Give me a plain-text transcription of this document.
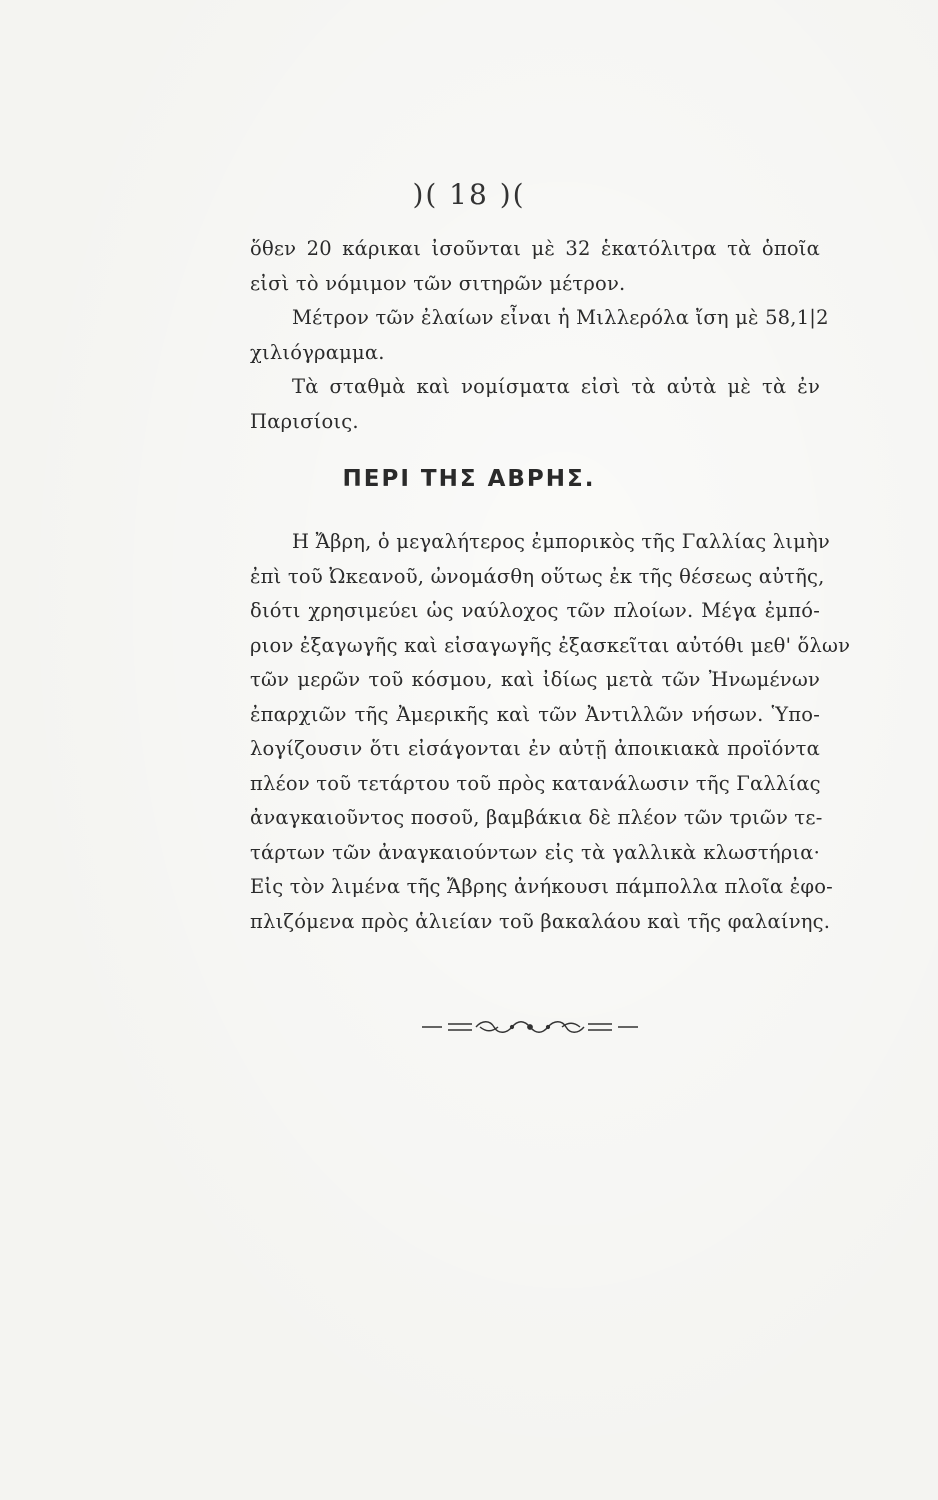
)( 18 )(
ὅθεν 20 κάρικαι ἰσοῦνται μὲ 32 ἑκατόλιτρα τὰ ὁποῖα
εἰσὶ τὸ νόμιμον τῶν σιτηρῶν μέτρον.
Μέτρον τῶν ἐλαίων εἶναι ἡ Μιλλερόλα ἴση μὲ 58,1|2
χιλιόγραμμα.
Τὰ σταθμὰ καὶ νομίσματα εἰσὶ τὰ αὐτὰ μὲ τὰ ἐν
Παρισίοις.
ΠΕΡΙ ΤΗΣ ΑΒΡΗΣ.
Η Ἄβρη, ὁ μεγαλήτερος ἐμπορικὸς τῆς Γαλλίας λιμὴν
ἐπὶ τοῦ Ὠκεανοῦ, ὠνομάσθη οὕτως ἐκ τῆς θέσεως αὐτῆς,
διότι χρησιμεύει ὡς ναύλοχος τῶν πλοίων. Μέγα ἐμπό-
ριον ἐξαγωγῆς καὶ εἰσαγωγῆς ἐξασκεῖται αὐτόθι μεθ' ὅλων
τῶν μερῶν τοῦ κόσμου, καὶ ἰδίως μετὰ τῶν Ἠνωμένων
ἐπαρχιῶν τῆς Ἀμερικῆς καὶ τῶν Ἀντιλλῶν νήσων. Ὑπο-
λογίζουσιν ὅτι εἰσάγονται ἐν αὐτῇ ἀποικιακὰ προϊόντα
πλέον τοῦ τετάρτου τοῦ πρὸς κατανάλωσιν τῆς Γαλλίας
ἀναγκαιοῦντος ποσοῦ, βαμβάκια δὲ πλέον τῶν τριῶν τε-
τάρτων τῶν ἀναγκαιούντων εἰς τὰ γαλλικὰ κλωστήρια·
Εἰς τὸν λιμένα τῆς Ἄβρης ἀνήκουσι πάμπολλα πλοῖα ἐφο-
πλιζόμενα πρὸς ἁλιείαν τοῦ βακαλάου καὶ τῆς φαλαίνης.
